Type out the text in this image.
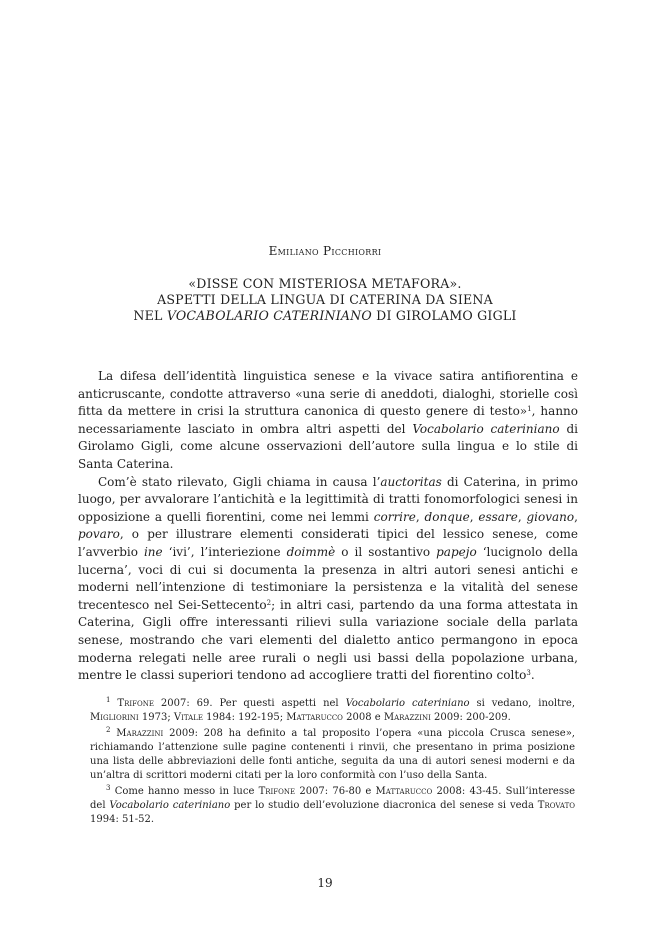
Emiliano Picchiorri
«DISSE CON MISTERIOSA METAFORA».
ASPETTI DELLA LINGUA DI CATERINA DA SIENA
NEL VOCABOLARIO CATERINIANO DI GIROLAMO GIGLI

La difesa dell’identità linguistica senese e la vivace satira antifiorentina e anticruscante, condotte attraverso «una serie di aneddoti, dialoghi, storielle così fitta da mettere in crisi la struttura canonica di questo genere di testo»$^1$, hanno necessariamente lasciato in ombra altri aspetti del Vocabolario cateriniano di Girolamo Gigli, come alcune osservazioni dell’autore sulla lingua e lo stile di Santa Caterina.

Com’è stato rilevato, Gigli chiama in causa l’auctoritas di Caterina, in primo luogo, per avvalorare l’antichità e la legittimità di tratti fonomorfologici senesi in opposizione a quelli fiorentini, come nei lemmi corrire, donque, essare, giovano, povaro, o per illustrare elementi considerati tipici del lessico senese, come l’avverbio ine ‘ivi’, l’interiezione doimmè o il sostantivo papejo ‘lucignolo della lucerna’, voci di cui si documenta la presenza in altri autori senesi antichi e moderni nell’intenzione di testimoniare la persistenza e la vitalità del senese trecentesco nel Sei-Settecento$^2$; in altri casi, partendo da una forma attestata in Caterina, Gigli offre interessanti rilievi sulla variazione sociale della parlata senese, mostrando che vari elementi del dialetto antico permangono in epoca moderna relegati nelle aree rurali o negli usi bassi della popolazione urbana, mentre le classi superiori tendono ad accogliere tratti del fiorentino colto$^3$.

$^1$ Trifone 2007: 69. Per questi aspetti nel Vocabolario cateriniano si vedano, inoltre, Migliorini 1973; Vitale 1984: 192-195; Mattarucco 2008 e Marazzini 2009: 200-209.

$^2$ Marazzini 2009: 208 ha definito a tal proposito l’opera «una piccola Crusca senese», richiamando l’attenzione sulle pagine contenenti i rinvii, che presentano in prima posizione una lista delle abbreviazioni delle fonti antiche, seguita da una di autori senesi moderni e da un’altra di scrittori moderni citati per la loro conformità con l’uso della Santa.

$^3$ Come hanno messo in luce Trifone 2007: 76-80 e Mattarucco 2008: 43-45. Sull’interesse del Vocabolario cateriniano per lo studio dell’evoluzione diacronica del senese si veda Trovato 1994: 51-52.

19
